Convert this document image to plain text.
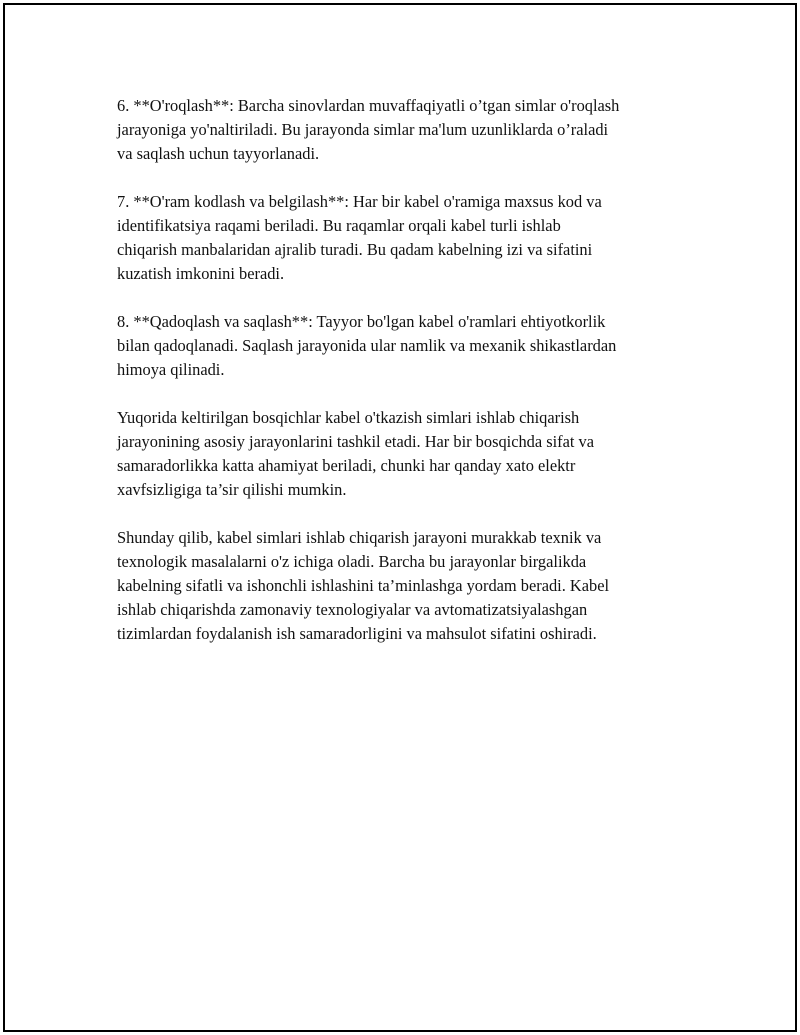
6. **O'roqlash**: Barcha sinovlardan muvaffaqiyatli o’tgan simlar o'roqlash
jarayoniga yo'naltiriladi. Bu jarayonda simlar ma'lum uzunliklarda o’raladi
va saqlash uchun tayyorlanadi.

7. **O'ram kodlash va belgilash**: Har bir kabel o'ramiga maxsus kod va
identifikatsiya raqami beriladi. Bu raqamlar orqali kabel turli ishlab
chiqarish manbalaridan ajralib turadi. Bu qadam kabelning izi va sifatini
kuzatish imkonini beradi.

8. **Qadoqlash va saqlash**: Tayyor bo'lgan kabel o'ramlari ehtiyotkorlik
bilan qadoqlanadi. Saqlash jarayonida ular namlik va mexanik shikastlardan
himoya qilinadi.

Yuqorida keltirilgan bosqichlar kabel o'tkazish simlari ishlab chiqarish
jarayonining asosiy jarayonlarini tashkil etadi. Har bir bosqichda sifat va
samaradorlikka katta ahamiyat beriladi, chunki har qanday xato elektr
xavfsizligiga ta’sir qilishi mumkin.

Shunday qilib, kabel simlari ishlab chiqarish jarayoni murakkab texnik va
texnologik masalalarni o'z ichiga oladi. Barcha bu jarayonlar birgalikda
kabelning sifatli va ishonchli ishlashini ta’minlashga yordam beradi. Kabel
ishlab chiqarishda zamonaviy texnologiyalar va avtomatizatsiyalashgan
tizimlardan foydalanish ish samaradorligini va mahsulot sifatini oshiradi.
